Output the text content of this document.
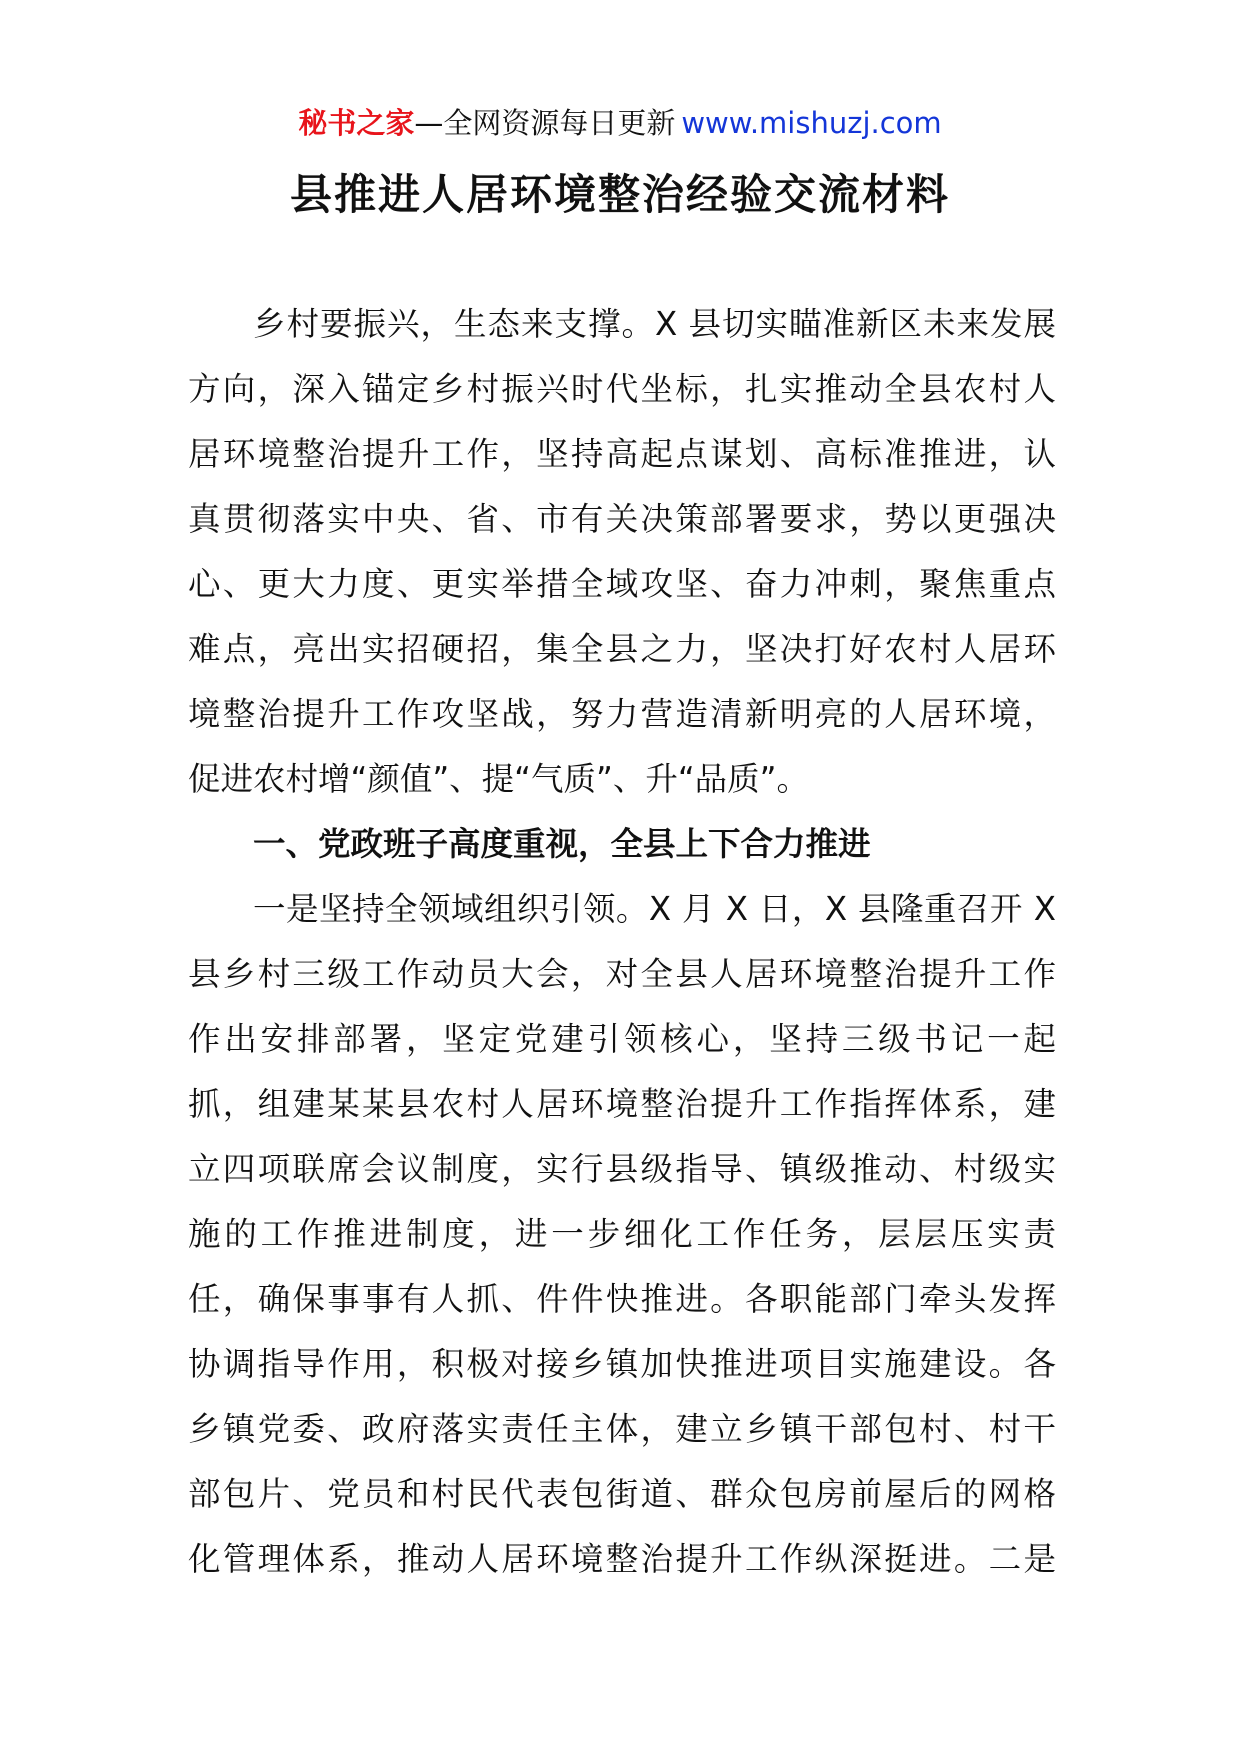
秘书之家—全网资源每日更新 www.mishuzj.com
县推进人居环境整治经验交流材料
乡村要振兴，生态来支撑。X 县切实瞄准新区未来发展
方向，深入锚定乡村振兴时代坐标，扎实推动全县农村人
居环境整治提升工作，坚持高起点谋划、高标准推进，认
真贯彻落实中央、省、市有关决策部署要求，势以更强决
心、更大力度、更实举措全域攻坚、奋力冲刺，聚焦重点
难点，亮出实招硬招，集全县之力，坚决打好农村人居环
境整治提升工作攻坚战，努力营造清新明亮的人居环境，
促进农村增“颜值”、提“气质”、升“品质”。
一、党政班子高度重视，全县上下合力推进
一是坚持全领域组织引领。X 月 X 日，X 县隆重召开 X
县乡村三级工作动员大会，对全县人居环境整治提升工作
作出安排部署，坚定党建引领核心，坚持三级书记一起
抓，组建某某县农村人居环境整治提升工作指挥体系，建
立四项联席会议制度，实行县级指导、镇级推动、村级实
施的工作推进制度，进一步细化工作任务，层层压实责
任，确保事事有人抓、件件快推进。各职能部门牵头发挥
协调指导作用，积极对接乡镇加快推进项目实施建设。各
乡镇党委、政府落实责任主体，建立乡镇干部包村、村干
部包片、党员和村民代表包街道、群众包房前屋后的网格
化管理体系，推动人居环境整治提升工作纵深挺进。二是
